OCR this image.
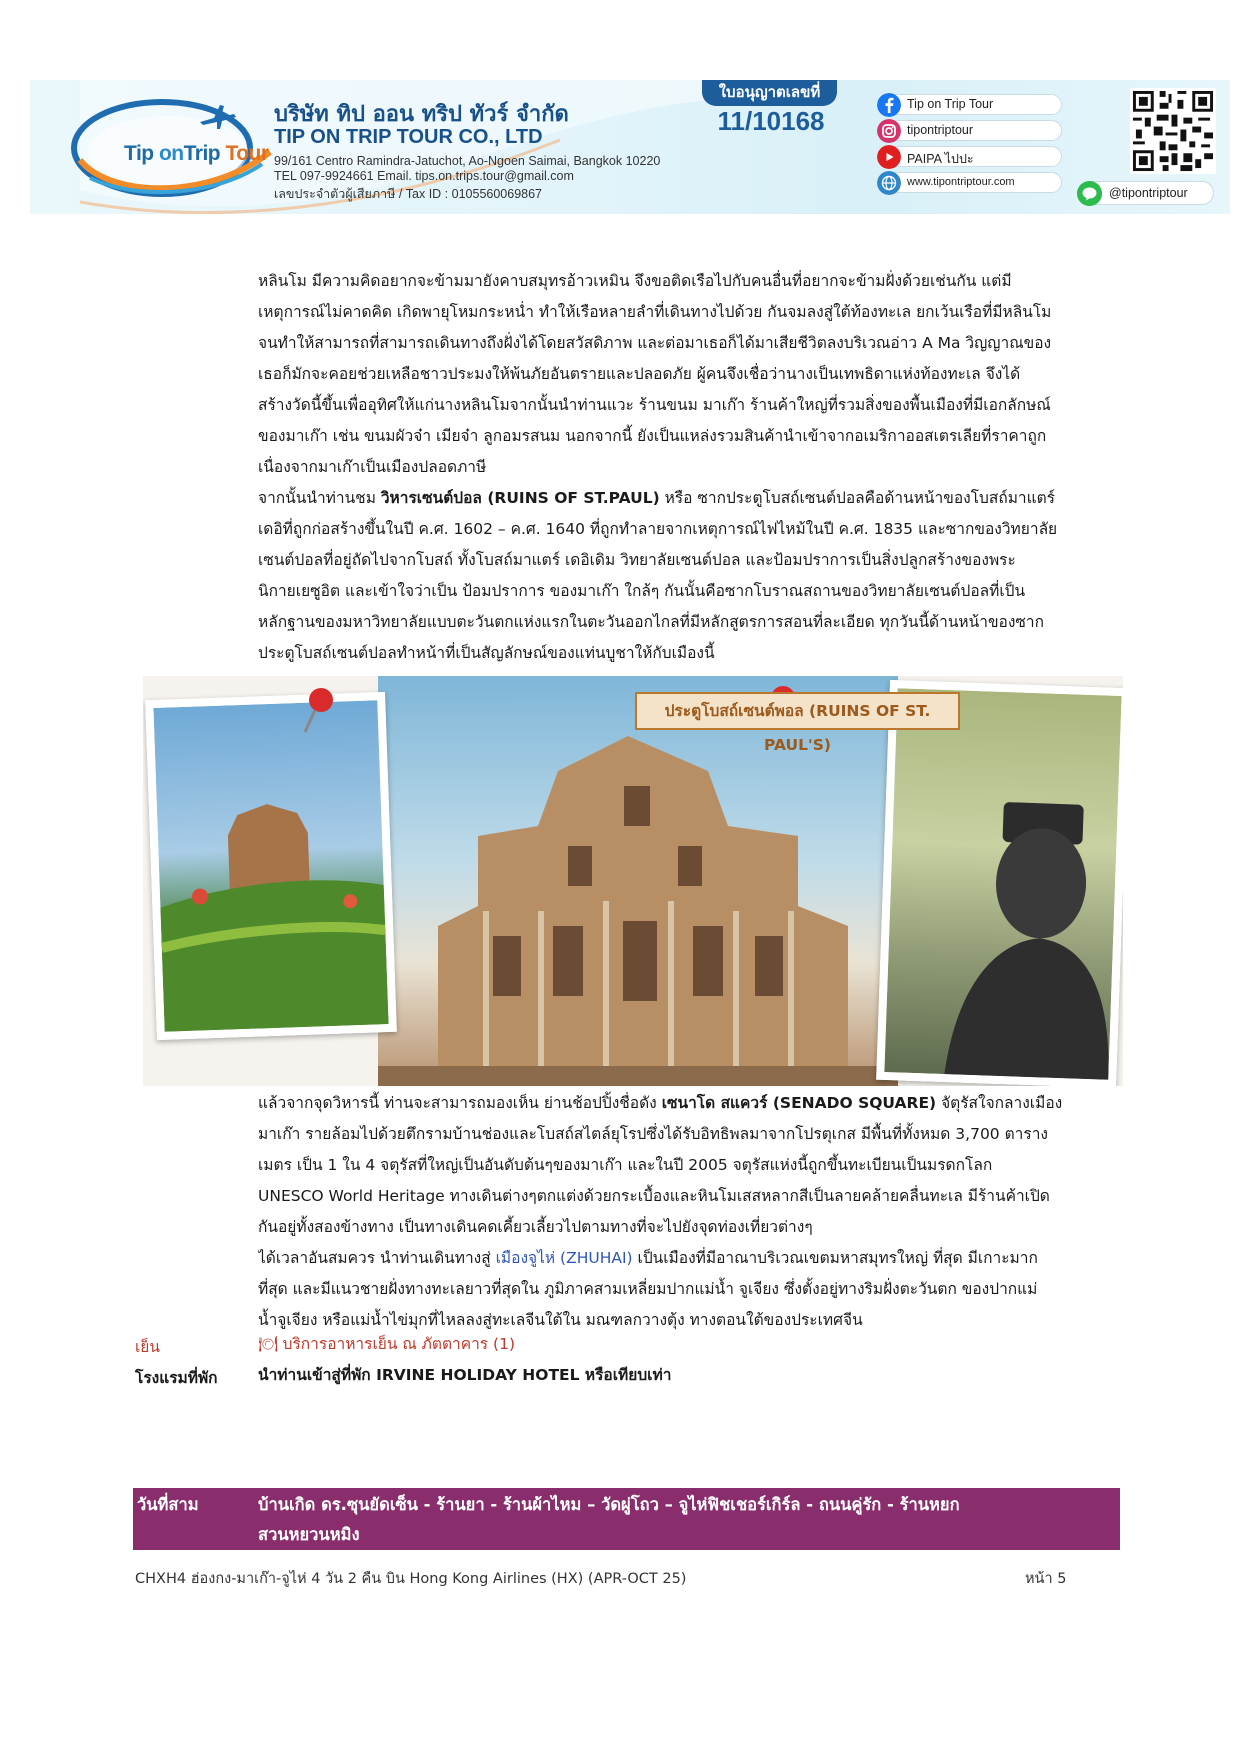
Tip onTrip Tour
บริษัท ทิป ออน ทริป ทัวร์ จำกัด
TIP ON TRIP TOUR CO., LTD
99/161 Centro Ramindra-Jatuchot, Ao-Ngoen Saimai, Bangkok 10220
TEL 097-9924661 Email. tips.on.trips.tour@gmail.com
เลขประจำตัวผู้เสียภาษี / Tax ID : 0105560069867
ใบอนุญาตเลขที่
11/10168
Tip on Trip Tour
tipontriptour
PAIPA ไปปะ
www.tipontriptour.com
@tipontriptour
หลินโม มีความคิดอยากจะข้ามมายังคาบสมุทรอ้าวเหมิน จึงขอติดเรือไปกับคนอื่นที่อยากจะข้ามฝั่งด้วยเช่นกัน แต่มี
เหตุการณ์ไม่คาดคิด เกิดพายุโหมกระหน่ำ ทำให้เรือหลายลำที่เดินทางไปด้วย กันจมลงสู่ใต้ท้องทะเล ยกเว้นเรือที่มีหลินโม
จนทำให้สามารถที่สามารถเดินทางถึงฝั่งได้โดยสวัสดิภาพ และต่อมาเธอก็ได้มาเสียชีวิตลงบริเวณอ่าว A Ma วิญญาณของ
เธอก็มักจะคอยช่วยเหลือชาวประมงให้พ้นภัยอันตรายและปลอดภัย ผู้คนจึงเชื่อว่านางเป็นเทพธิดาแห่งท้องทะเล จึงได้
สร้างวัดนี้ขึ้นเพื่ออุทิศให้แก่นางหลินโมจากนั้นนำท่านแวะ ร้านขนม มาเก๊า ร้านค้าใหญ่ที่รวมสิ่งของพื้นเมืองที่มีเอกลักษณ์
ของมาเก๊า เช่น ขนมผัวจ๋า เมียจ๋า ลูกอมรสนม นอกจากนี้ ยังเป็นแหล่งรวมสินค้านำเข้าจากอเมริกาออสเตรเลียที่ราคาถูก
เนื่องจากมาเก๊าเป็นเมืองปลอดภาษี
จากนั้นนำท่านชม วิหารเซนต์ปอล (RUINS OF ST.PAUL) หรือ ซากประตูโบสถ์เซนต์ปอลคือด้านหน้าของโบสถ์มาแตร์
เดอิที่ถูกก่อสร้างขึ้นในปี ค.ศ. 1602 – ค.ศ. 1640 ที่ถูกทำลายจากเหตุการณ์ไฟไหม้ในปี ค.ศ. 1835 และซากของวิทยาลัย
เซนต์ปอลที่อยู่ถัดไปจากโบสถ์ ทั้งโบสถ์มาแตร์ เดอิเดิม วิทยาลัยเซนต์ปอล และป้อมปราการเป็นสิ่งปลูกสร้างของพระ
นิกายเยซูอิต และเข้าใจว่าเป็น ป้อมปราการ ของมาเก๊า ใกล้ๆ กันนั้นคือซากโบราณสถานของวิทยาลัยเซนต์ปอลที่เป็น
หลักฐานของมหาวิทยาลัยแบบตะวันตกแห่งแรกในตะวันออกไกลที่มีหลักสูตรการสอนที่ละเอียด ทุกวันนี้ด้านหน้าของซาก
ประตูโบสถ์เซนต์ปอลทำหน้าที่เป็นสัญลักษณ์ของแท่นบูชาให้กับเมืองนี้
ประตูโบสถ์เซนต์พอล (RUINS OF ST. PAUL'S)
แล้วจากจุดวิหารนี้ ท่านจะสามารถมองเห็น ย่านช้อปปิ้งชื่อดัง เซนาโด สแควร์ (SENADO SQUARE) จัตุรัสใจกลางเมือง
มาเก๊า รายล้อมไปด้วยตึกรามบ้านช่องและโบสถ์สไตล์ยุโรปซึ่งได้รับอิทธิพลมาจากโปรตุเกส มีพื้นที่ทั้งหมด 3,700 ตาราง
เมตร เป็น 1 ใน 4 จตุรัสที่ใหญ่เป็นอันดับต้นๆของมาเก๊า และในปี 2005 จตุรัสแห่งนี้ถูกขึ้นทะเบียนเป็นมรดกโลก
UNESCO World Heritage ทางเดินต่างๆตกแต่งด้วยกระเบื้องและหินโมเสสหลากสีเป็นลายคล้ายคลื่นทะเล มีร้านค้าเปิด
กันอยู่ทั้งสองข้างทาง เป็นทางเดินคดเคี้ยวเลี้ยวไปตามทางที่จะไปยังจุดท่องเที่ยวต่างๆ
ได้เวลาอันสมควร นำท่านเดินทางสู่ เมืองจูไห่ (ZHUHAI) เป็นเมืองที่มีอาณาบริเวณเขตมหาสมุทรใหญ่ ที่สุด มีเกาะมาก
ที่สุด และมีแนวชายฝั่งทางทะเลยาวที่สุดใน ภูมิภาคสามเหลี่ยมปากแม่น้ำ จูเจียง ซึ่งตั้งอยู่ทางริมฝั่งตะวันตก ของปากแม่
น้ำจูเจียง หรือแม่น้ำไข่มุกที่ไหลลงสู่ทะเลจีนใต้ใน มณฑลกวางตุ้ง ทางตอนใต้ของประเทศจีน
เย็น	🍽 บริการอาหารเย็น ณ ภัตตาคาร (1)
โรงแรมที่พัก	นำท่านเข้าสู่ที่พัก IRVINE HOLIDAY HOTEL หรือเทียบเท่า
วันที่สาม	บ้านเกิด ดร.ซุนยัดเซ็น - ร้านยา - ร้านผ้าไหม – วัดผู่โถว – จูไห่ฟิชเชอร์เกิร์ล - ถนนคู่รัก - ร้านหยก
สวนหยวนหมิง
CHXH4 ฮ่องกง-มาเก๊า-จูไห่ 4 วัน 2 คืน บิน Hong Kong Airlines (HX) (APR-OCT 25)	หน้า 5
